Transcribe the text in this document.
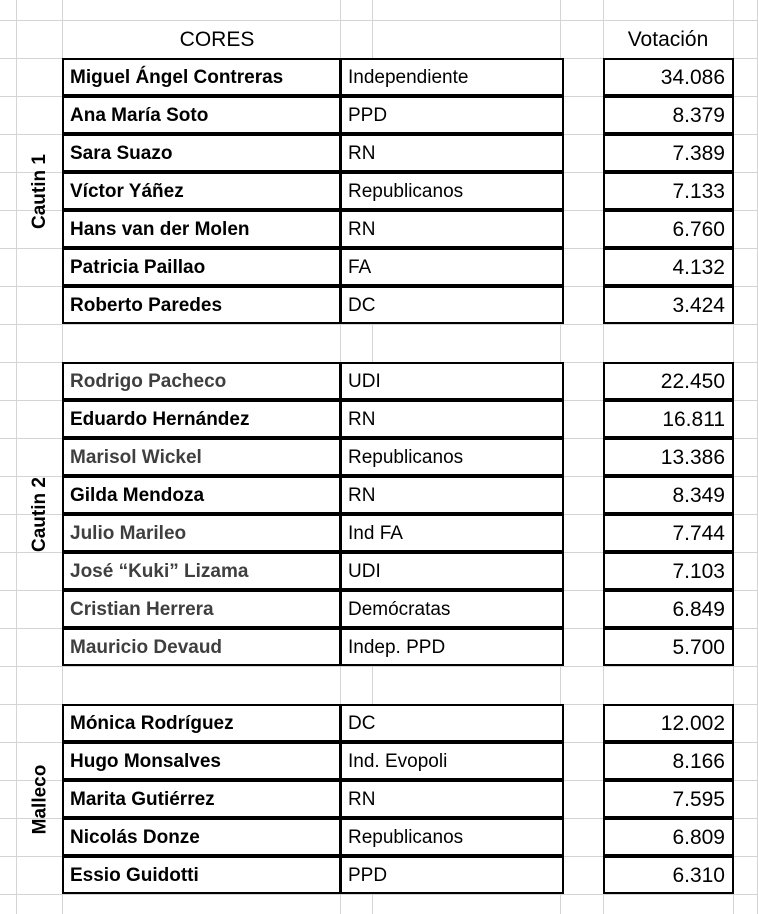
CORES	Votación
Cautin 1
Miguel Ángel Contreras	Independiente	34.086
Ana María Soto	PPD	8.379
Sara Suazo	RN	7.389
Víctor Yáñez	Republicanos	7.133
Hans van der Molen	RN	6.760
Patricia Paillao	FA	4.132
Roberto Paredes	DC	3.424
Cautin 2
Rodrigo Pacheco	UDI	22.450
Eduardo Hernández	RN	16.811
Marisol Wickel	Republicanos	13.386
Gilda Mendoza	RN	8.349
Julio Marileo	Ind FA	7.744
José “Kuki” Lizama	UDI	7.103
Cristian Herrera	Demócratas	6.849
Mauricio Devaud	Indep. PPD	5.700
Malleco
Mónica Rodríguez	DC	12.002
Hugo Monsalves	Ind. Evopoli	8.166
Marita Gutiérrez	RN	7.595
Nicolás Donze	Republicanos	6.809
Essio Guidotti	PPD	6.310
